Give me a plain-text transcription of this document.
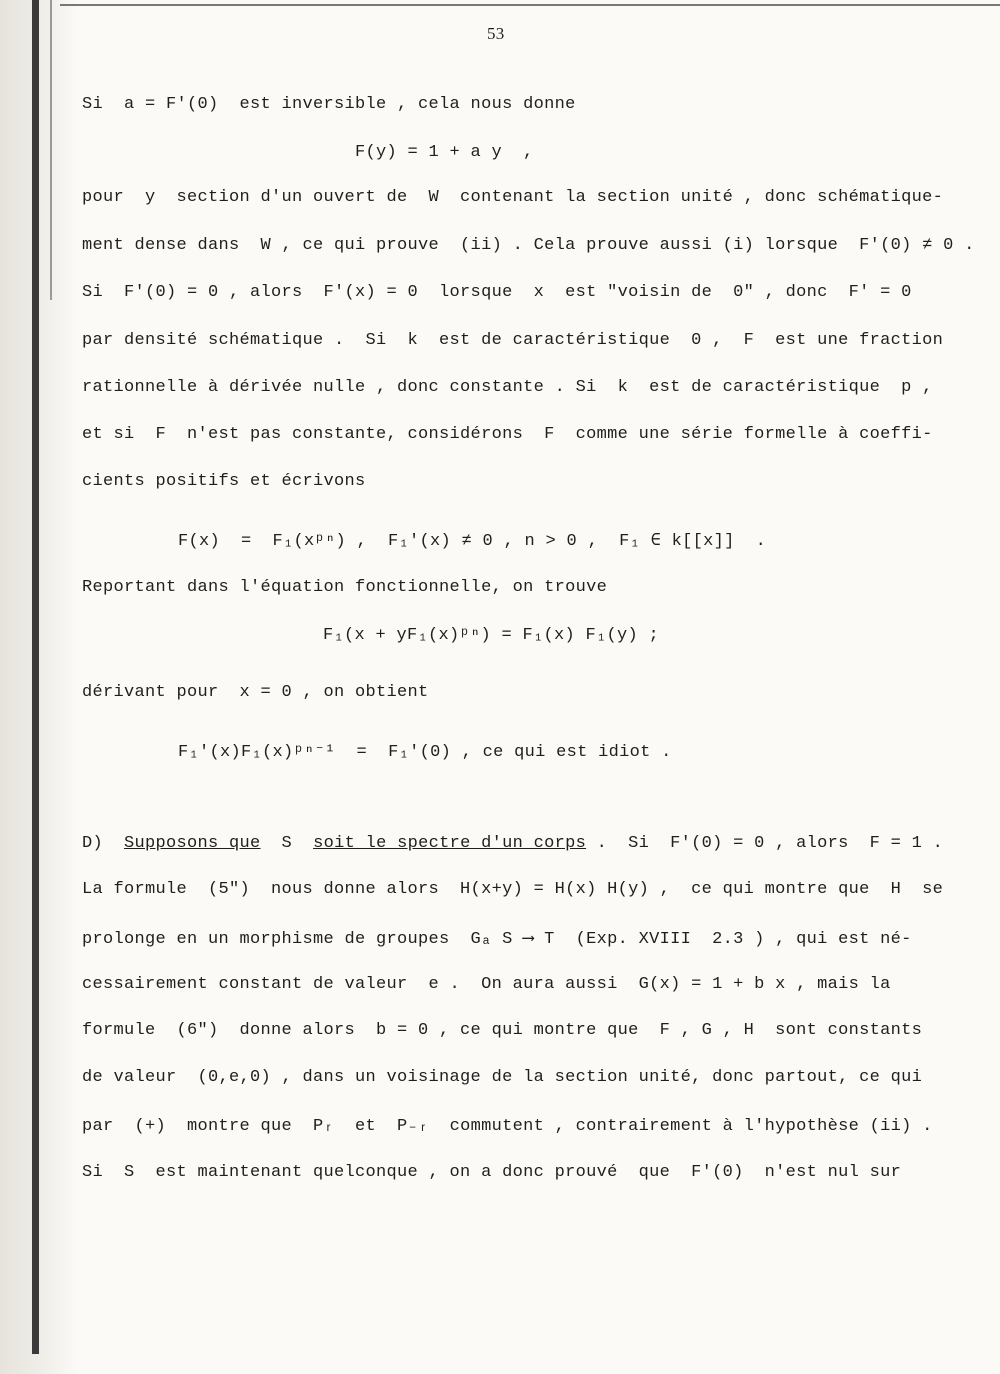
53
Si  a = F'(0)  est inversible , cela nous donne
F(y) = 1 + a y  ,
pour  y  section d'un ouvert de  W  contenant la section unité , donc schématique-
ment dense dans  W , ce qui prouve  (ii) . Cela prouve aussi (i) lorsque  F'(0) ≠ 0 .
Si  F'(0) = 0 , alors  F'(x) = 0  lorsque  x  est "voisin de  0" , donc  F' = 0
par densité schématique .  Si  k  est de caractéristique  0 ,  F  est une fraction
rationnelle à dérivée nulle , donc constante . Si  k  est de caractéristique  p ,
et si  F  n'est pas constante, considérons  F  comme une série formelle à coeffi-
cients positifs et écrivons
F(x)  =  F₁(xᵖⁿ) ,  F₁'(x) ≠ 0 , n > 0 ,  F₁ ∈ k[[x]]  .
Reportant dans l'équation fonctionnelle, on trouve
F₁(x + yF₁(x)ᵖⁿ) = F₁(x) F₁(y) ;
dérivant pour  x = 0 , on obtient
F₁'(x)F₁(x)ᵖⁿ⁻¹  =  F₁'(0) , ce qui est idiot .
D)  Supposons que  S  soit le spectre d'un corps .  Si  F'(0) = 0 , alors  F = 1 .
La formule  (5")  nous donne alors  H(x+y) = H(x) H(y) ,  ce qui montre que  H  se
prolonge en un morphisme de groupes  Gₐ S ⟶ T  (Exp. XVIII  2.3 ) , qui est né-
cessairement constant de valeur  e .  On aura aussi  G(x) = 1 + b x , mais la
formule  (6")  donne alors  b = 0 , ce qui montre que  F , G , H  sont constants
de valeur  (0,e,0) , dans un voisinage de la section unité, donc partout, ce qui
par  (+)  montre que  Pᵣ  et  P₋ᵣ  commutent , contrairement à l'hypothèse (ii) .
Si  S  est maintenant quelconque , on a donc prouvé  que  F'(0)  n'est nul sur
